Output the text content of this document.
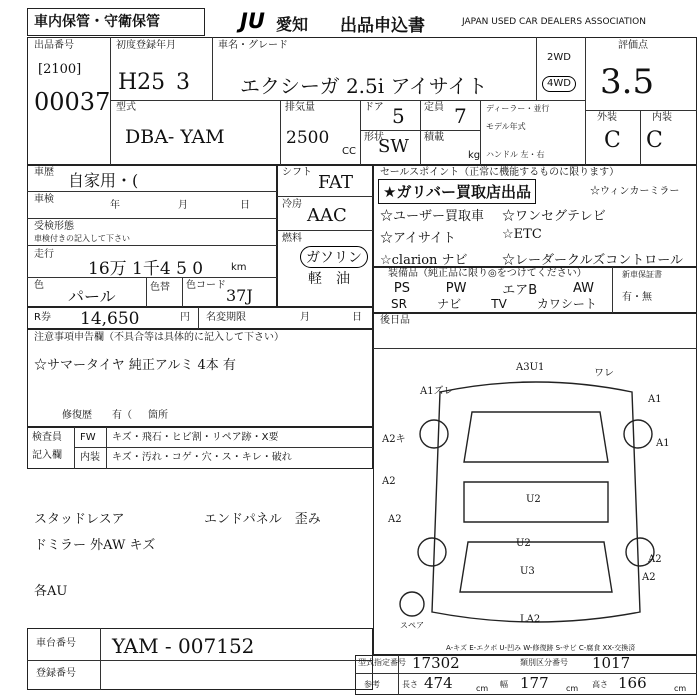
車内保管・守衛保管	JU 愛知 出品申込書	JAPAN USED CAR DEALERS ASSOCIATION
出品番号
[2100]
00037
初度登録年月
H25 3
車名・グレード
エクシーガ 2.5i アイサイト
2WD
4WD
評価点
3.5
外装	内装
C C
型式
DBA- YAM
排気量
2500
CC
ドア 5 定員 7
形状
SW 積載
kg
ディーラー・並行
モデル年式
ハンドル 左・右
車歴 自家用・(
車検
年	月	日
受検形態
車検付きの記入して下さい
走行
16万 1千4 5 0	km
色
パール	色替 色コード
37J
シフト FAT
冷房
AAC
燃料
ガソリン
軽　油
セールスポイント（正常に機能するものに限ります）
★ガリバー買取店出品	☆ウィンカーミラー
☆ユーザー買取車	☆ワンセグテレビ
☆アイサイト	☆ETC
☆clarion ナビ	☆レーダークルズコントロール
装備品（純正品に限り◎をつけてください）
PS	PW	エアB	AW
SR	ナビ	TV	カワシート
新車保証書
有・無
R券 14,650	円 名変期限	月	日 後日品
注意事項申告欄（不具合等は具体的に記入して下さい）
☆サマータイヤ 純正アルミ 4本 有
修復歴 有（ 箇所
検査員
記入欄
FW キズ・飛石・ヒビ割・リペア跡・X要
内装 キズ・汚れ・コゲ・穴・ス・キレ・破れ
スタッドレスア	エンドパネル　歪み
ドミラー 外AW キズ
各AU
車台番号 YAM - 007152
登録番号
A3U1
ワレ
A1
A1ズレ
A2キ	A1
A2
U2
A2
U2
U3
A2
LA2
A2
スペア
A-キズ E-エクボ U-凹み W-修復跡 S-サビ C-腐食 XX-交換済
型式指定番号 17302	類別区分番号 1017
参考	長さ 474	cm 幅 177 cm 高さ 166	cm
